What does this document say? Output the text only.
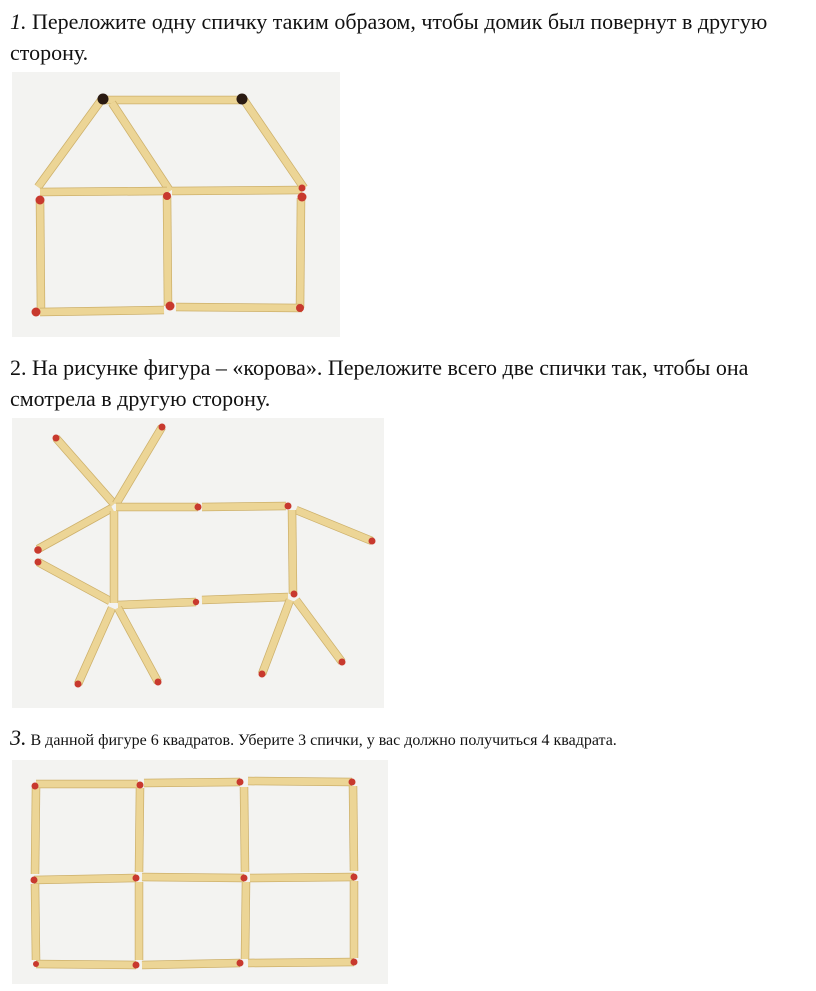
1. Переложите одну спичку таким образом, чтобы домик был повернут в другую сторону.

2. На рисунке фигура – «корова». Переложите всего две спички так, чтобы она смотрела в другую сторону.

3. В данной фигуре 6 квадратов. Уберите 3 спички, у вас должно получиться 4 квадрата.
